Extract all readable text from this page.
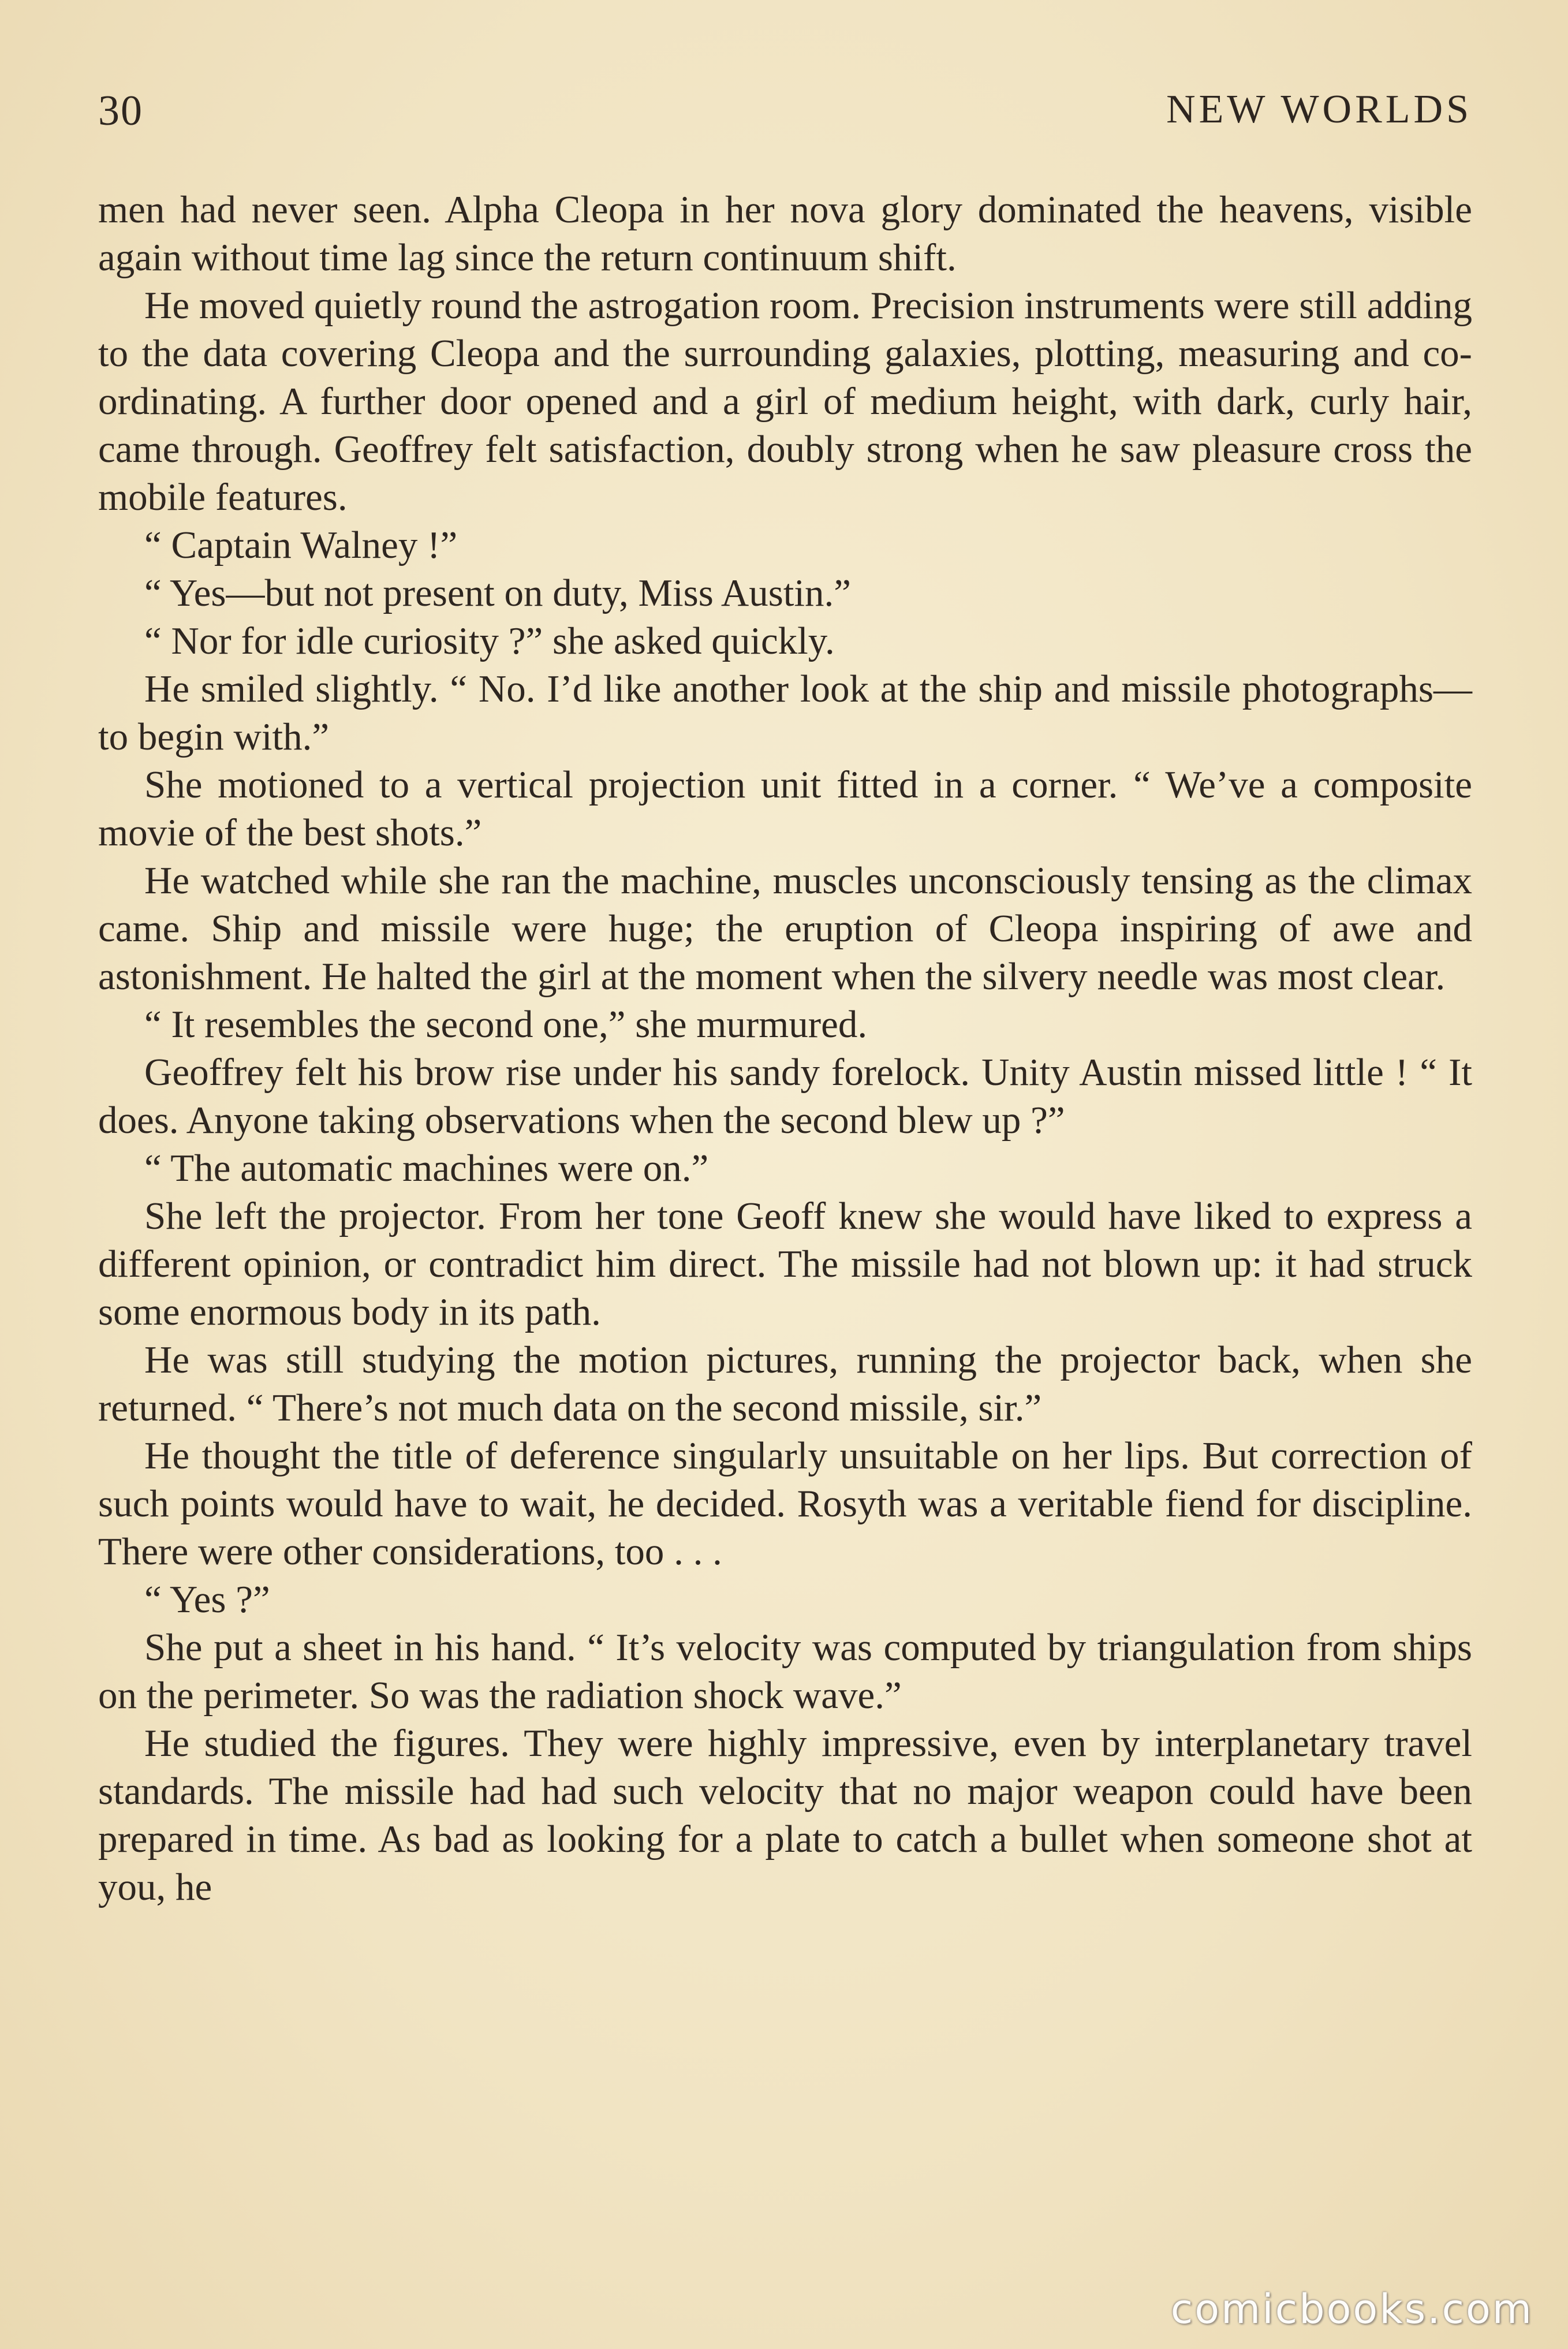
30	NEW WORLDS

men had never seen. Alpha Cleopa in her nova glory dominated the heavens, visible again without time lag since the return continuum shift.

He moved quietly round the astrogation room. Precision instruments were still adding to the data covering Cleopa and the surrounding galaxies, plotting, measuring and co-ordinating. A further door opened and a girl of medium height, with dark, curly hair, came through. Geoffrey felt satisfaction, doubly strong when he saw pleasure cross the mobile features.

“ Captain Walney !”

“ Yes—but not present on duty, Miss Austin.”

“ Nor for idle curiosity ?” she asked quickly.

He smiled slightly. “ No. I’d like another look at the ship and missile photographs—to begin with.”

She motioned to a vertical projection unit fitted in a corner. “ We’ve a composite movie of the best shots.”

He watched while she ran the machine, muscles unconsciously tensing as the climax came. Ship and missile were huge; the eruption of Cleopa inspiring of awe and astonishment. He halted the girl at the moment when the silvery needle was most clear.

“ It resembles the second one,” she murmured.

Geoffrey felt his brow rise under his sandy forelock. Unity Austin missed little ! “ It does. Anyone taking observations when the second blew up ?”

“ The automatic machines were on.”

She left the projector. From her tone Geoff knew she would have liked to express a different opinion, or contradict him direct. The missile had not blown up: it had struck some enormous body in its path.

He was still studying the motion pictures, running the projector back, when she returned. “ There’s not much data on the second missile, sir.”

He thought the title of deference singularly unsuitable on her lips. But correction of such points would have to wait, he decided. Rosyth was a veritable fiend for discipline. There were other considerations, too . . .

“ Yes ?”

She put a sheet in his hand. “ It’s velocity was computed by triangulation from ships on the perimeter. So was the radiation shock wave.”

He studied the figures. They were highly impressive, even by interplanetary travel standards. The missile had had such velocity that no major weapon could have been prepared in time. As bad as looking for a plate to catch a bullet when someone shot at you, he

comicbooks.com
